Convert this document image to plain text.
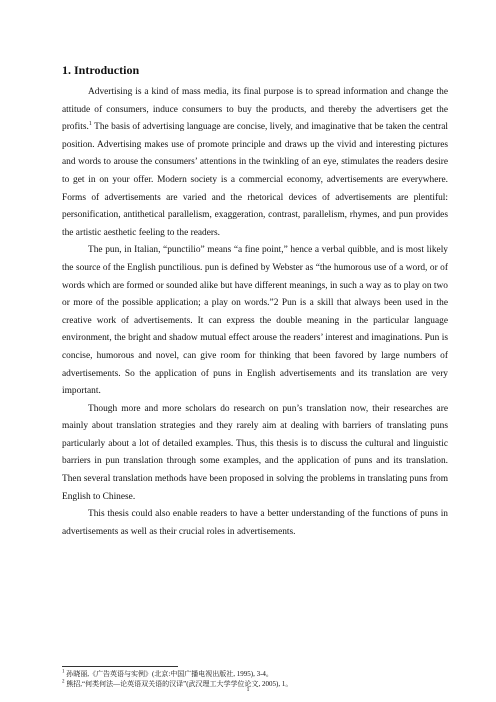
1. Introduction

Advertising is a kind of mass media, its final purpose is to spread information and change the attitude of consumers, induce consumers to buy the products, and thereby the advertisers get the profits.$^1$ The basis of advertising language are concise, lively, and imaginative that be taken the central position. Advertising makes use of promote principle and draws up the vivid and interesting pictures and words to arouse the consumers’ attentions in the twinkling of an eye, stimulates the readers desire to get in on your offer. Modern society is a commercial economy, advertisements are everywhere. Forms of advertisements are varied and the rhetorical devices of advertisements are plentiful: personification, antithetical parallelism, exaggeration, contrast, parallelism, rhymes, and pun provides the artistic aesthetic feeling to the readers.

The pun, in Italian, “punctilio” means “a fine point,” hence a verbal quibble, and is most likely the source of the English punctilious. pun is defined by Webster as “the humorous use of a word, or of words which are formed or sounded alike but have different meanings, in such a way as to play on two or more of the possible application; a play on words.”2 Pun is a skill that always been used in the creative work of advertisements. It can express the double meaning in the particular language environment, the bright and shadow mutual effect arouse the readers’ interest and imaginations. Pun is concise, humorous and novel, can give room for thinking that been favored by large numbers of advertisements. So the application of puns in English advertisements and its translation are very important.

Though more and more scholars do research on pun’s translation now, their researches are mainly about translation strategies and they rarely aim at dealing with barriers of translating puns particularly about a lot of detailed examples. Thus, this thesis is to discuss the cultural and linguistic barriers in pun translation through some examples, and the application of puns and its translation. Then several translation methods have been proposed in solving the problems in translating puns from English to Chinese.

This thesis could also enable readers to have a better understanding of the functions of puns in advertisements as well as their crucial roles in advertisements.

$^1$ 孙晓丽,《广告英语与实例》(北京:中国广播电视出版社, 1995), 3-4。

$^2$ 熊招,“何类何法—论英语双关语的汉译”(武汉理工大学学位论文, 2005), 1。

1
